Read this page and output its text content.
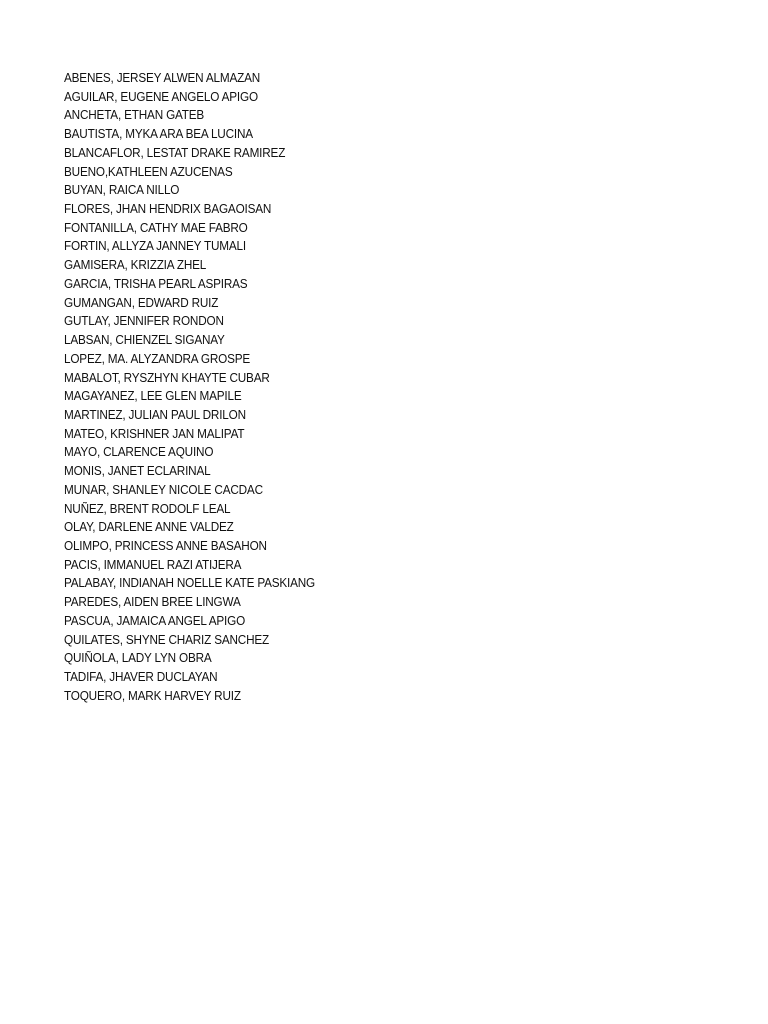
ABENES, JERSEY ALWEN ALMAZAN
AGUILAR, EUGENE ANGELO APIGO
ANCHETA, ETHAN GATEB
BAUTISTA, MYKA ARA BEA LUCINA
BLANCAFLOR, LESTAT DRAKE RAMIREZ
BUENO,KATHLEEN AZUCENAS
BUYAN, RAICA NILLO
FLORES, JHAN HENDRIX BAGAOISAN
FONTANILLA, CATHY MAE FABRO
FORTIN, ALLYZA JANNEY TUMALI
GAMISERA, KRIZZIA ZHEL
GARCIA, TRISHA PEARL ASPIRAS
GUMANGAN, EDWARD RUIZ
GUTLAY, JENNIFER RONDON
LABSAN, CHIENZEL SIGANAY
LOPEZ, MA. ALYZANDRA GROSPE
MABALOT, RYSZHYN KHAYTE CUBAR
MAGAYANEZ, LEE GLEN MAPILE
MARTINEZ, JULIAN PAUL DRILON
MATEO, KRISHNER JAN MALIPAT
MAYO, CLARENCE AQUINO
MONIS, JANET ECLARINAL
MUNAR, SHANLEY NICOLE CACDAC
NUÑEZ, BRENT RODOLF LEAL
OLAY, DARLENE ANNE VALDEZ
OLIMPO, PRINCESS ANNE BASAHON
PACIS, IMMANUEL RAZI ATIJERA
PALABAY, INDIANAH NOELLE KATE PASKIANG
PAREDES, AIDEN BREE LINGWA
PASCUA, JAMAICA ANGEL APIGO
QUILATES, SHYNE CHARIZ SANCHEZ
QUIÑOLA, LADY LYN OBRA
TADIFA, JHAVER DUCLAYAN
TOQUERO, MARK HARVEY RUIZ
